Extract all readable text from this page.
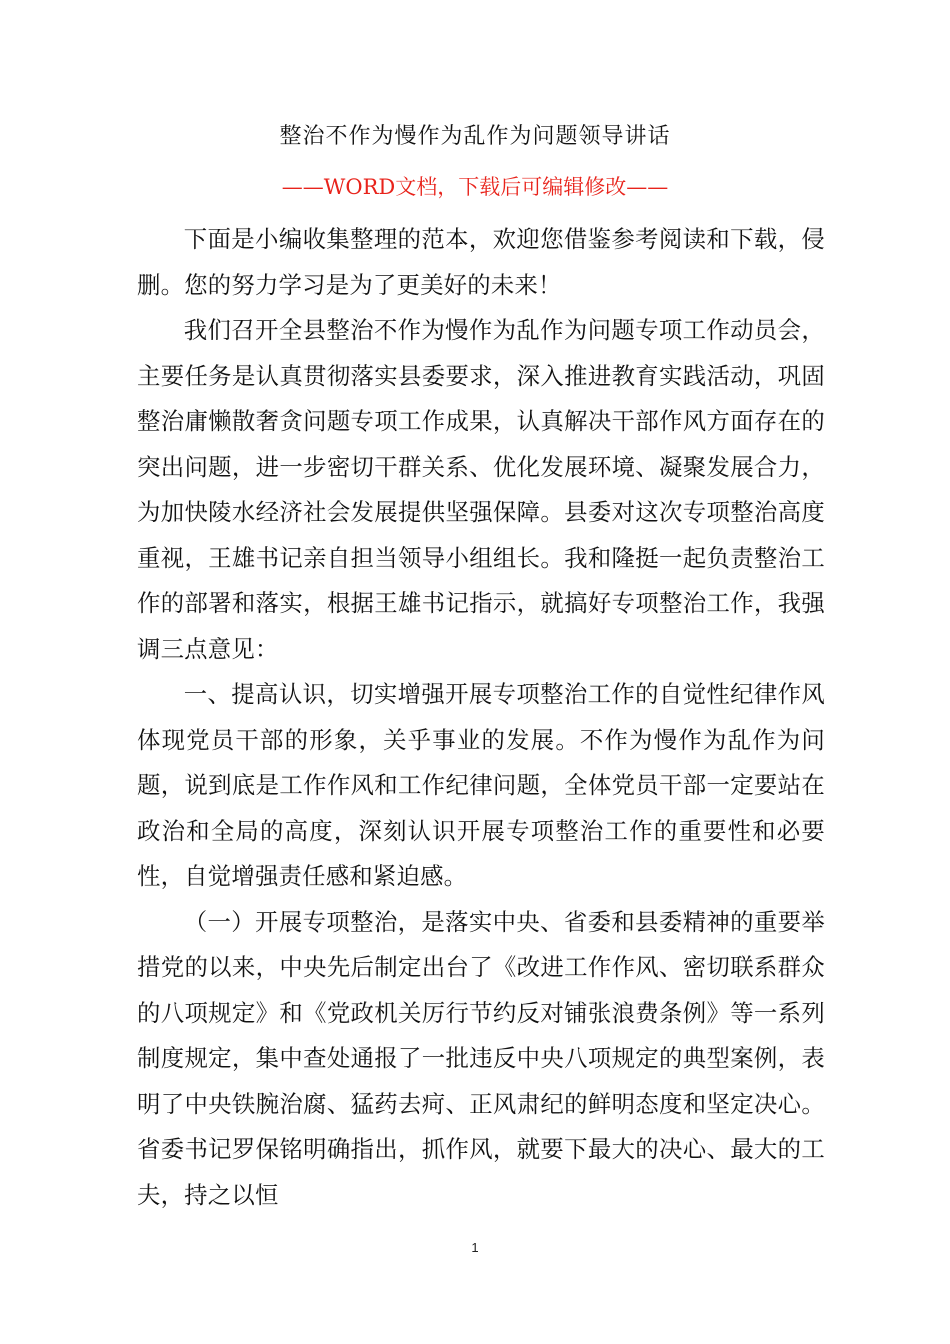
整治不作为慢作为乱作为问题领导讲话
——WORD文档，下载后可编辑修改——

下面是小编收集整理的范本，欢迎您借鉴参考阅读和下载，侵删。您的努力学习是为了更美好的未来！

我们召开全县整治不作为慢作为乱作为问题专项工作动员会，主要任务是认真贯彻落实县委要求，深入推进教育实践活动，巩固整治庸懒散奢贪问题专项工作成果，认真解决干部作风方面存在的突出问题，进一步密切干群关系、优化发展环境、凝聚发展合力，为加快陵水经济社会发展提供坚强保障。县委对这次专项整治高度重视，王雄书记亲自担当领导小组组长。我和隆挺一起负责整治工作的部署和落实，根据王雄书记指示，就搞好专项整治工作，我强调三点意见：

一、提高认识，切实增强开展专项整治工作的自觉性纪律作风体现党员干部的形象，关乎事业的发展。不作为慢作为乱作为问题，说到底是工作作风和工作纪律问题，全体党员干部一定要站在政治和全局的高度，深刻认识开展专项整治工作的重要性和必要性，自觉增强责任感和紧迫感。

（一）开展专项整治，是落实中央、省委和县委精神的重要举措党的以来，中央先后制定出台了《改进工作作风、密切联系群众的八项规定》和《党政机关厉行节约反对铺张浪费条例》等一系列制度规定，集中查处通报了一批违反中央八项规定的典型案例，表明了中央铁腕治腐、猛药去疴、正风肃纪的鲜明态度和坚定决心。省委书记罗保铭明确指出，抓作风，就要下最大的决心、最大的工夫，持之以恒

1
